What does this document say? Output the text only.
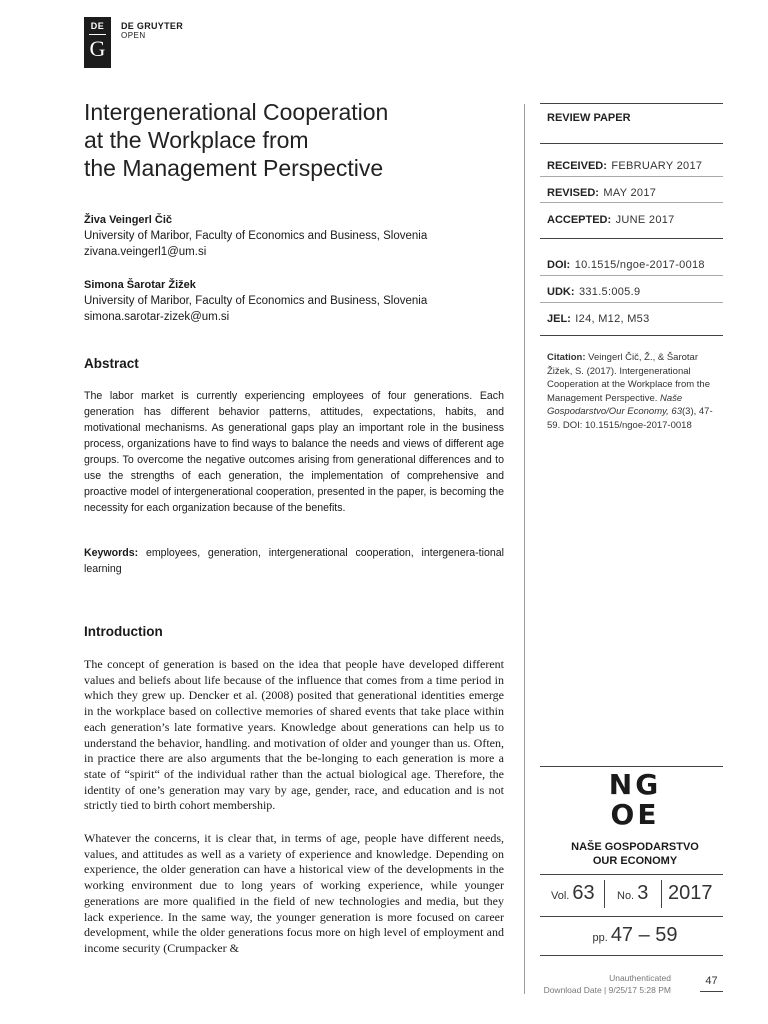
DE
G
DE GRUYTER
OPEN
Intergenerational Cooperation
at the Workplace from
the Management Perspective
Živa Veingerl Čič
University of Maribor, Faculty of Economics and Business, Slovenia
zivana.veingerl1@um.si
Simona Šarotar Žižek
University of Maribor, Faculty of Economics and Business, Slovenia
simona.sarotar-zizek@um.si
Abstract
The labor market is currently experiencing employees of four generations. Each generation has different behavior patterns, attitudes, expectations, habits, and motivational mechanisms. As generational gaps play an important role in the business process, organizations have to find ways to balance the needs and views of different age groups. To overcome the negative outcomes arising from generational differences and to use the strengths of each generation, the implementation of comprehensive and proactive model of intergenerational cooperation, presented in the paper, is becoming the necessity for each organization because of the benefits.
Keywords: employees, generation, intergenerational cooperation, intergenera-tional learning
Introduction
The concept of generation is based on the idea that people have developed different values and beliefs about life because of the influence that comes from a time period in which they grew up. Dencker et al. (2008) posited that generational identities emerge in the workplace based on collective memories of shared events that take place within each generation’s late formative years. Knowledge about generations can help us to understand the behavior, handling. and motivation of older and younger than us. Often, in practice there are also arguments that the be-longing to each generation is more a state of “spirit“ of the individual rather than the actual biological age. Therefore, the identity of one’s generation may vary by age, gender, race, and education and is not strictly tied to birth cohort membership.
Whatever the concerns, it is clear that, in terms of age, people have different needs, values, and attitudes as well as a variety of experience and knowledge. Depending on experience, the older generation can have a historical view of the developments in the working environment due to long years of working experience, while younger generations are more qualified in the field of new technologies and media, but they lack experience. In the same way, the younger generation is more focused on career development, while the older generations focus more on high level of employment and income security (Crumpacker &
REVIEW PAPER
RECEIVED: FEBRUARY 2017
REVISED: MAY 2017
ACCEPTED: JUNE 2017
DOI: 10.1515/ngoe-2017-0018
UDK: 331.5:005.9
JEL: I24, M12, M53
Citation: Veingerl Čič, Ž., & Šarotar Žižek, S. (2017). Intergenerational Cooperation at the Workplace from the Management Perspective. Naše Gospodarstvo/Our Economy, 63(3), 47-59. DOI: 10.1515/ngoe-2017-0018
NG
OE
NAŠE GOSPODARSTVO
OUR ECONOMY
Vol. 63 No. 3 2017
pp. 47 – 59
Unauthenticated
Download Date | 9/25/17 5:28 PM
47
